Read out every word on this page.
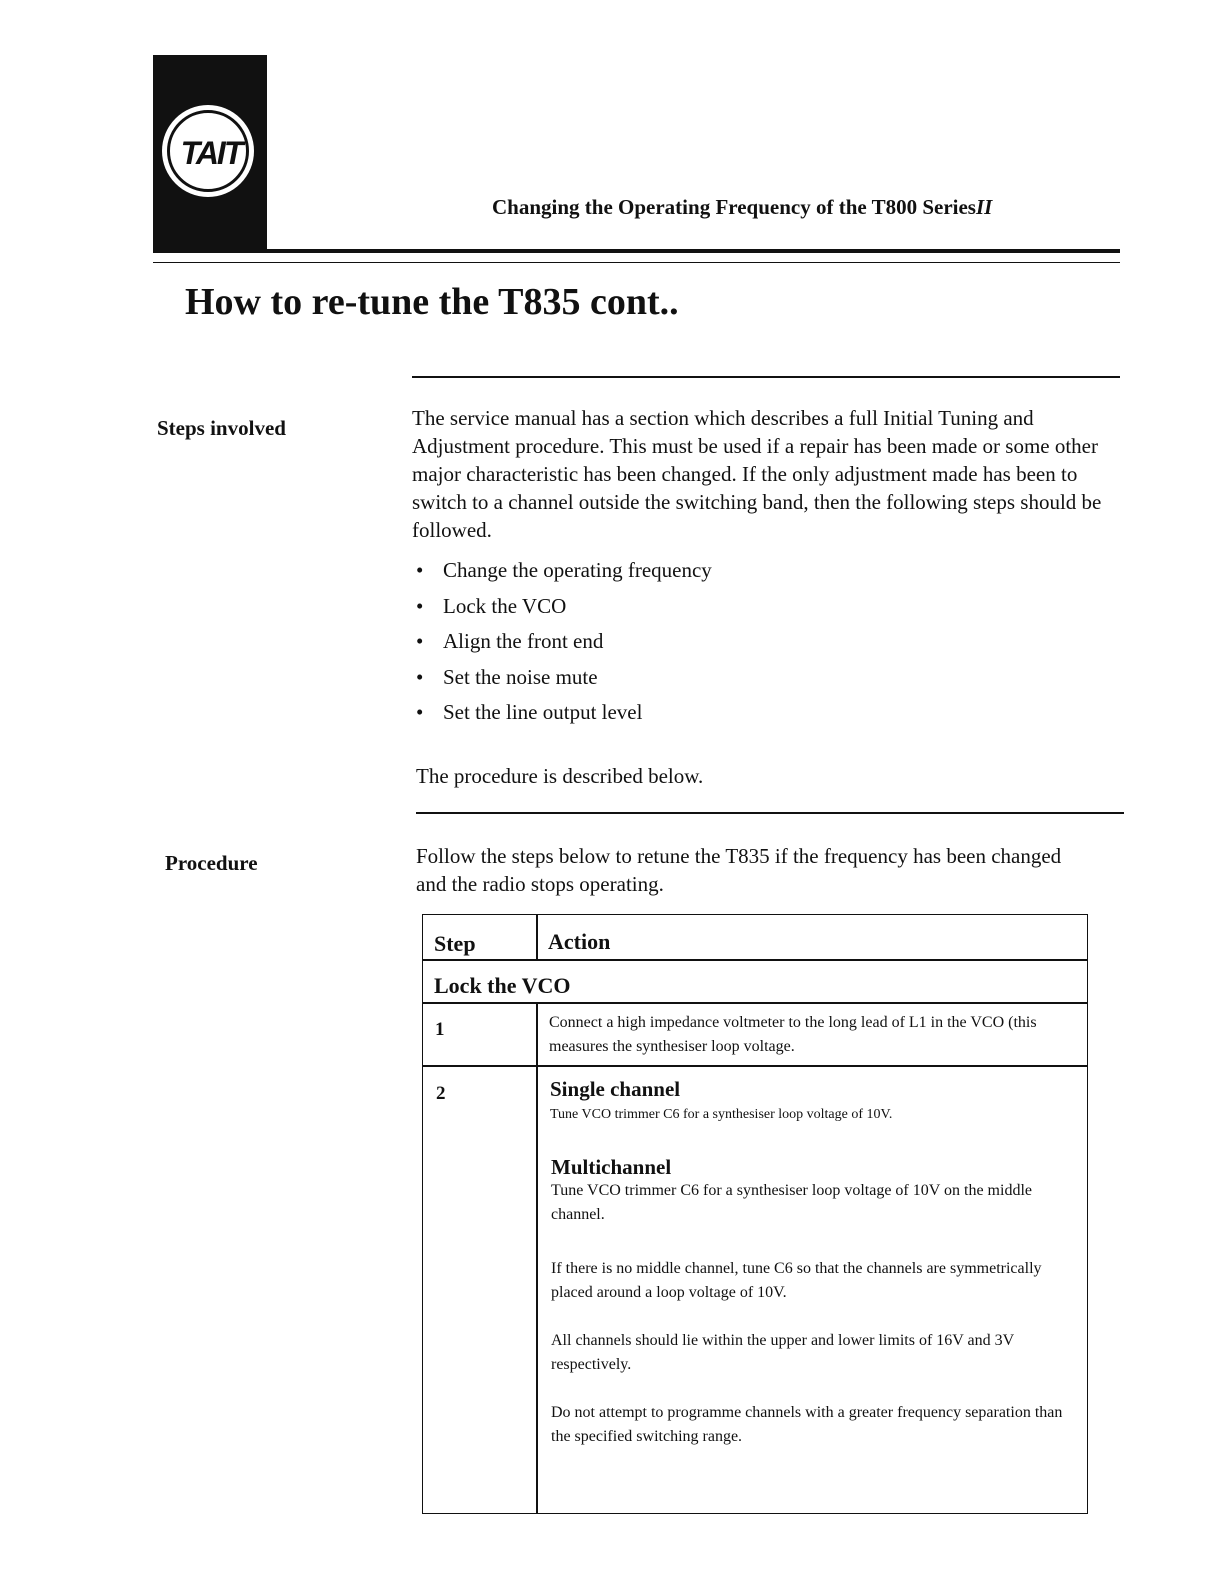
TAIT
Changing the Operating Frequency of the T800 SeriesII
How to re-tune the T835 cont..
Steps involved	The service manual has a section which describes a full Initial Tuning and Adjustment procedure. This must be used if a repair has been made or some other major characteristic has been changed. If the only adjustment made has been to switch to a channel outside the switching band, then the following steps should be followed.
• Change the operating frequency
• Lock the VCO
• Align the front end
• Set the noise mute
• Set the line output level
The procedure is described below.
Procedure	Follow the steps below to retune the T835 if the frequency has been changed and the radio stops operating.
Step	Action
Lock the VCO
1	Connect a high impedance voltmeter to the long lead of L1 in the VCO (this measures the synthesiser loop voltage.
2	Single channel
Tune VCO trimmer C6 for a synthesiser loop voltage of 10V.
Multichannel
Tune VCO trimmer C6 for a synthesiser loop voltage of 10V on the middle channel.
If there is no middle channel, tune C6 so that the channels are symmetrically placed around a loop voltage of 10V.
All channels should lie within the upper and lower limits of 16V and 3V respectively.
Do not attempt to programme channels with a greater frequency separation than the specified switching range.
